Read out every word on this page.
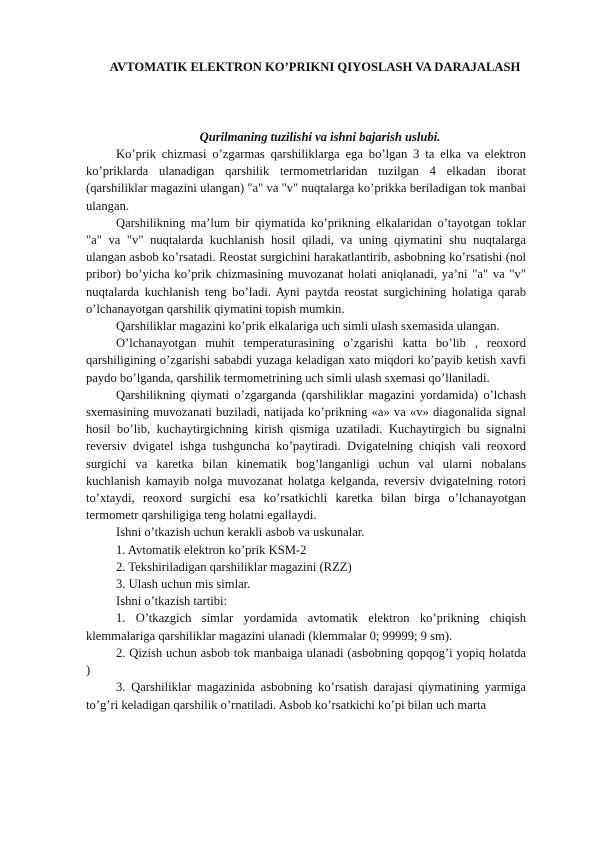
AVTOMATIK ELEKTRON KO’PRIKNI QIYOSLASH VA DARAJALASH
Qurilmaning tuzilishi va ishni bajarish uslubi.

Ko’prik chizmasi o’zgarmas qarshiliklarga ega bo’lgan 3 ta elka va elektron ko’priklarda ulanadigan qarshilik termometrlaridan tuzilgan 4 elkadan iborat (qarshiliklar magazini ulangan) "a" va "v" nuqtalarga ko’prikka beriladigan tok manbai ulangan.

Qarshilikning ma’lum bir qiymatida ko’prikning elkalaridan o’tayotgan toklar "a" va "v" nuqtalarda kuchlanish hosil qiladi, va uning qiymatini shu nuqtalarga ulangan asbob ko’rsatadi. Reostat surgichini harakatlantirib, asbobning ko’rsatishi (nol pribor) bo’yicha ko’prik chizmasining muvozanat holati aniqlanadi, ya’ni "a" va "v" nuqtalarda kuchlanish teng bo’ladi. Ayni paytda reostat surgichining holatiga qarab o’lchanayotgan qarshilik qiymatini topish mumkin.

Qarshiliklar magazini ko’prik elkalariga uch simli ulash sxemasida ulangan.

O’lchanayotgan muhit temperaturasining o’zgarishi katta bo’lib , reoxord qarshiligining o’zgarishi sababdi yuzaga keladigan xato miqdori ko’payib ketish xavfi paydo bo’lganda, qarshilik termometrining uch simli ulash sxemasi qo’llaniladi.

Qarshilikning qiymati o’zgarganda (qarshiliklar magazini yordamida) o’lchash sxemasining muvozanati buziladi, natijada ko’prikning «a» va «v» diagonalida signal hosil bo’lib, kuchaytirgichning kirish qismiga uzatiladi. Kuchaytirgich bu signalni reversiv dvigatel ishga tushguncha ko’paytiradi. Dvigatelning chiqish vali reoxord surgichi va karetka bilan kinematik bog’langanligi uchun val ularni nobalans kuchlanish kamayib nolga muvozanat holatga kelganda, reversiv dvigatelning rotori to’xtaydi, reoxord surgichi esa ko’rsatkichli karetka bilan birga o’lchanayotgan termometr qarshiligiga teng holatni egallaydi.

Ishni o’tkazish uchun kerakli asbob va uskunalar.

1. Avtomatik elektron ko’prik KSM-2

2. Tekshiriladigan qarshiliklar magazini (RZZ)

3. Ulash uchun mis simlar.

Ishni o’tkazish tartibi:

1. O’tkazgich simlar yordamida avtomatik elektron ko’prikning chiqish klemmalariga qarshiliklar magazini ulanadi (klemmalar 0; 99999; 9 sm).

2. Qizish uchun asbob tok manbaiga ulanadi (asbobning qopqog’i yopiq holatda )

3. Qarshiliklar magazinida asbobning ko’rsatish darajasi qiymatining yarmiga to’g’ri keladigan qarshilik o’rnatiladi. Asbob ko’rsatkichi ko’pi bilan uch marta
